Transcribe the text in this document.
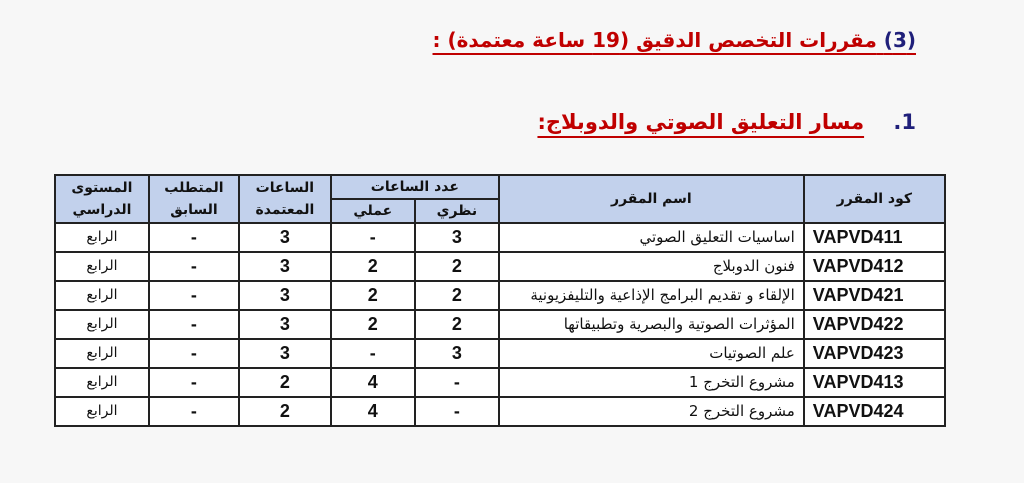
(3) مقررات التخصص الدقيق (19 ساعة معتمدة) :
1. مسار التعليق الصوتي والدوبلاج:
كود المقرر	اسم المقرر	عدد الساعات		الساعات المعتمدة	المتطلب السابق	المستوى الدراسي
		نظري	عملي			
VAPVD411	اساسيات التعليق الصوتي	3	-	3	-	الرابع
VAPVD412	فنون الدوبلاج	2	2	3	-	الرابع
VAPVD421	الإلقاء و تقديم البرامج الإذاعية والتليفزيونية	2	2	3	-	الرابع
VAPVD422	المؤثرات الصوتية والبصرية وتطبيقاتها	2	2	3	-	الرابع
VAPVD423	علم الصوتيات	3	-	3	-	الرابع
VAPVD413	مشروع التخرج 1	-	4	2	-	الرابع
VAPVD424	مشروع التخرج 2	-	4	2	-	الرابع
